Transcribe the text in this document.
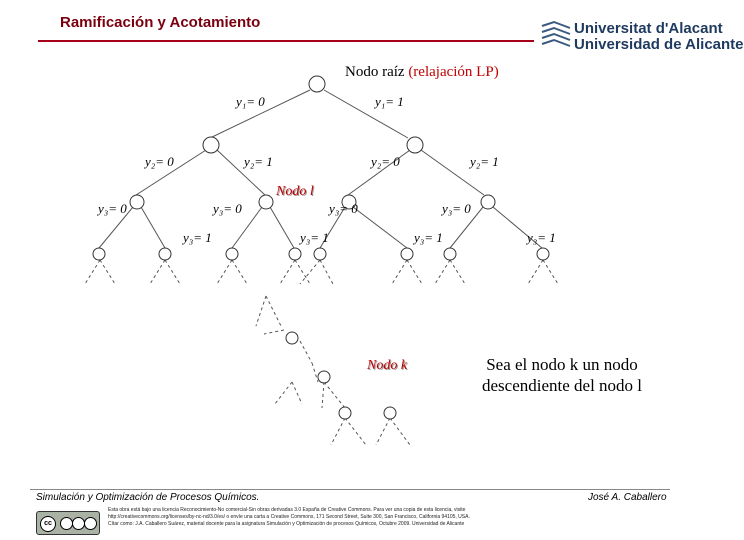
Ramificación y Acotamiento	Universitat d'Alacant
Universidad de Alicante
Nodo raíz (relajación LP)
y₁= 0	y₁= 1
y₂= 0	y₂= 1	y₂= 0	y₂= 1
y₃= 0	y₃= 0	y₃= 0	y₃= 0
y₃= 1	y₃= 1	y₃= 1	y₃= 1
Nodo l
Nodo k	Sea el nodo k un nodo descendiente del nodo l
Simulación y Optimización de Procesos Químicos.	José A. Caballero
cc
Esta obra está bajo una licencia Reconocimiento-No comercial-Sin obras derivadas 3.0 España de Creative Commons. Para ver una copia de esta licencia, visite
http://creativecommons.org/licenses/by-nc-nd/3.0/es/ o envíe una carta a Creative Commons, 171 Second Street, Suite 300, San Francisco, California 94105, USA.
Cítar como: J.A. Caballero Suárez, material docente para la asignatura Simulación y Optimización de procesos Químicos, Octubre 2009. Universidad de Alicante
